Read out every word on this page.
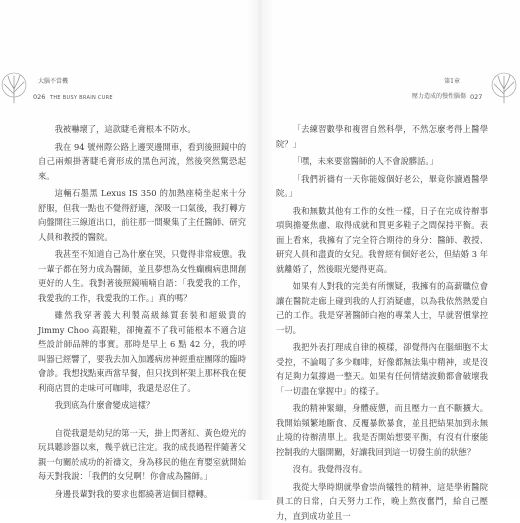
大腦不當機
026 THE BUSY BRAIN CURE
第1章
壓力造成的慢性腦傷 027

我被嚇壞了，這款睫毛膏根本不防水。

我在 94 號州際公路上邊哭邊開車，看到後照鏡中的自己兩頰掛著睫毛膏形成的黑色河流，然後突然驚恐起來。

這輛石墨黑 Lexus IS 350 的加熱座椅坐起來十分舒服，但我一點也不覺得舒適，深吸一口氣後，我打轉方向盤開往三線道出口，前往那一間聚集了主任醫師、研究人員和教授的醫院。

我甚至不知道自己為什麼在哭，只覺得非常疲憊。我一輩子都在努力成為醫師，並且夢想為女性癲癇病患開創更好的人生。我對著後照鏡喃喃自語：「我愛我的工作，我愛我的工作，我愛我的工作。」真的嗎？

雖然我穿著義大利製高級絲質套裝和超級貴的 Jimmy Choo 高跟鞋，卻掩蓋不了我可能根本不適合這些設計師品牌的事實。那時是早上 6 點 42 分，我的呼叫器已經響了，要我去加入加護病房神經重症團隊的臨時會診。我想找點東西當早餐，但只找到杯架上那杯我在便利商店買的走味可可咖啡，我還是忍住了。

我到底為什麼會變成這樣？

自從我還是幼兒的第一天，掛上閃著紅、黃色燈光的玩具聽診器以來，幾乎就已注定。我的成長過程伴隨著父親一句關於成功的祈禱文，身為移民的他在育嬰室就開始每天對我說：「我們的女兒啊！你會成為醫師。」

身邊長輩對我的要求也都繞著這個目標轉。

「去練習數學和複習自然科學，不然怎麼考得上醫學院？」

「嘿，未來要當醫師的人不會說髒話。」

「我們祈禱有一天你能嫁個好老公，畢竟你讀過醫學院。」

我和無數其他有工作的女性一樣，日子在完成待辦事項與擔憂焦慮、取得成就和買更多鞋子之間保持平衡。表面上看來，我擁有了完全符合期待的身分：醫師、教授、研究人員和盡責的女兒。我曾經有個好老公，但結婚 3 年就離婚了，然後眼光變得更高。

如果有人對我的完美有所懷疑，我擁有的高薪職位會讓在醫院走廊上碰到我的人打消疑慮，以為我依然熱愛自己的工作。我是穿著醫師白袍的專業人士，早就習慣掌控一切。

我把外表打理成自律的模樣，卻覺得內在腦細胞不太受控，不論喝了多少咖啡，好像都無法集中精神，或是沒有足夠力氣撐過一整天。如果有任何情緒波動都會破壞我「一切盡在掌握中」的樣子。

我的精神緊繃，身體疲憊，而且壓力一直不斷擴大。我開始頻繁地斷食、反覆暴飲暴食，並且把結果加到永無止境的待辦清單上。我是否開始想要平衡，有沒有什麼能控制我的大腦開關，好讓我回到這一切發生前的狀態？

沒有。我覺得沒有。

我從大學時期就學會崇尚犧牲的精神，這是學術醫院員工的日常，白天努力工作，晚上熬夜奮鬥，給自己壓力，直到成功並且一
